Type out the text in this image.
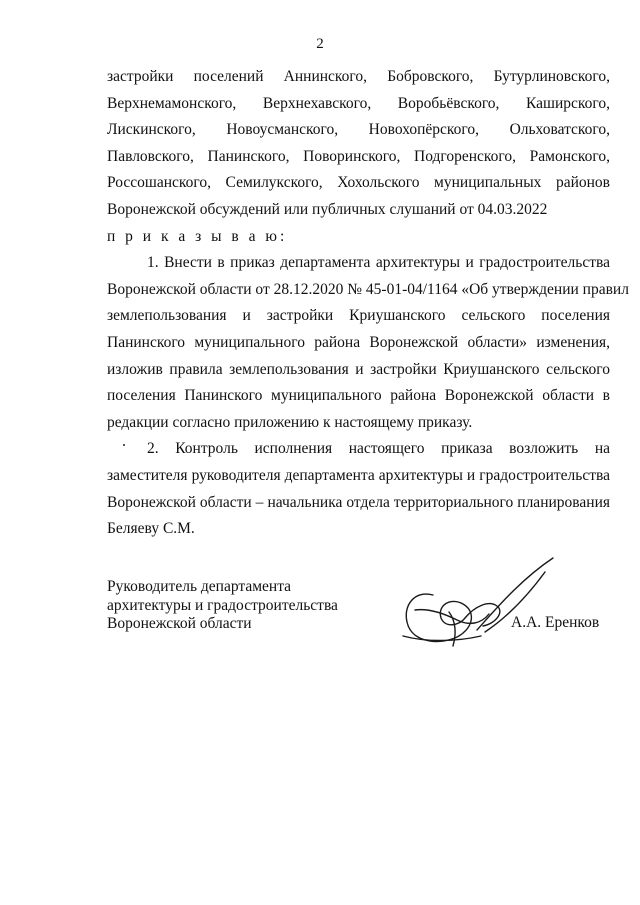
2
застройки поселений Аннинского, Бобровского, Бутурлиновского,
Верхнемамонского, Верхнехавского, Воробьёвского, Каширского,
Лискинского, Новоусманского, Новохопёрского, Ольховатского,
Павловского, Панинского, Поворинского, Подгоренского, Рамонского,
Россошанского, Семилукского, Хохольского муниципальных районов
Воронежской обсуждений или публичных слушаний от 04.03.2022
п р и к а з ы в а ю:
1. Внести в приказ департамента архитектуры и градостроительства
Воронежской области от 28.12.2020 № 45-01-04/1164 «Об утверждении правил
землепользования и застройки Криушанского сельского поселения
Панинского муниципального района Воронежской области» изменения,
изложив правила землепользования и застройки Криушанского сельского
поселения Панинского муниципального района Воронежской области в
редакции согласно приложению к настоящему приказу.
2. Контроль исполнения настоящего приказа возложить на
заместителя руководителя департамента архитектуры и градостроительства
Воронежской области – начальника отдела территориального планирования
Беляеву С.М.
Руководитель департамента
архитектуры и градостроительства
Воронежской области	А.А. Еренков
